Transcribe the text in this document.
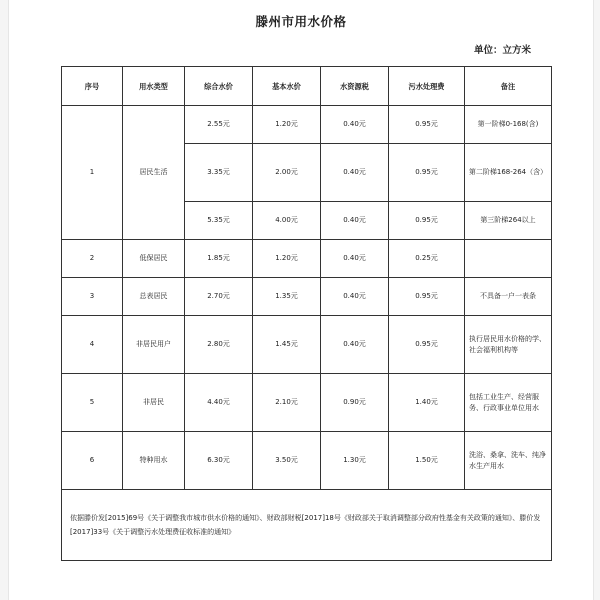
滕州市用水价格
单位：立方米
序号	用水类型	综合水价	基本水价	水资源税	污水处理费	备注
1	居民生活	2.55元	1.20元	0.40元	0.95元	第一阶梯0-168(含)
		3.35元	2.00元	0.40元	0.95元	第二阶梯168-264（含）
		5.35元	4.00元	0.40元	0.95元	第三阶梯264以上
2	低保居民	1.85元	1.20元	0.40元	0.25元	
3	总表居民	2.70元	1.35元	0.40元	0.95元	不具备一户一表条
4	非居民用户	2.80元	1.45元	0.40元	0.95元	执行居民用水价格的学、社会福利机构等
5	非居民	4.40元	2.10元	0.90元	1.40元	包括工业生产、经营服务、行政事业单位用水
6	特种用水	6.30元	3.50元	1.30元	1.50元	洗浴、桑拿、洗车、纯净水生产用水
依据滕价发[2015]69号《关于调整我市城市供水价格的通知》、财政部财税[2017]18号《财政部关于取消调整部分政府性基金有关政策的通知》、滕价发[2017]33号《关于调整污水处理费征收标准的通知》						
